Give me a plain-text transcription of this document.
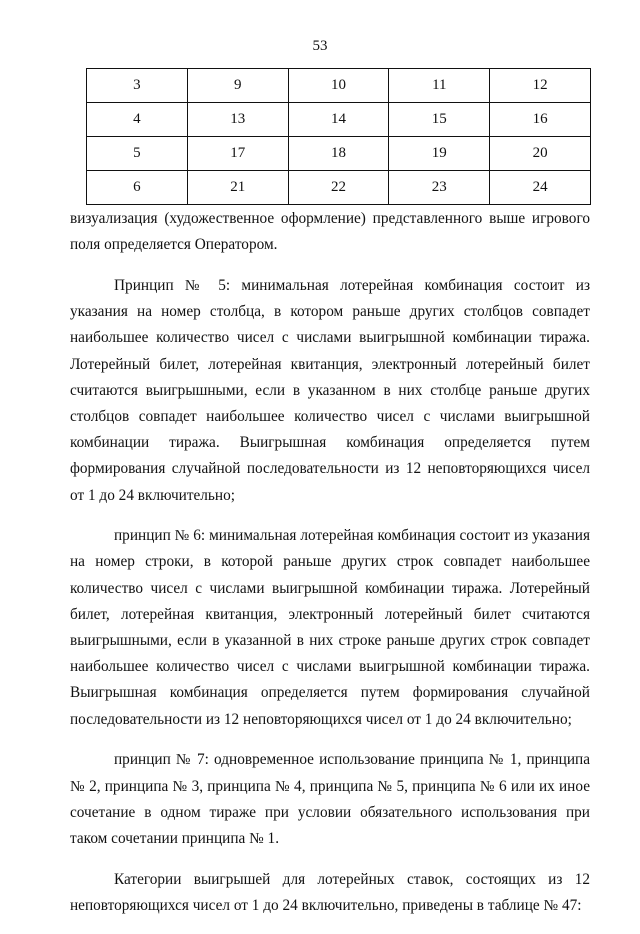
53
3	9	10	11	12
4	13	14	15	16
5	17	18	19	20
6	21	22	23	24

визуализация (художественное оформление) представленного выше игрового поля определяется Оператором.

Принцип № 5: минимальная лотерейная комбинация состоит из указания на номер столбца, в котором раньше других столбцов совпадет наибольшее количество чисел с числами выигрышной комбинации тиража. Лотерейный билет, лотерейная квитанция, электронный лотерейный билет считаются выигрышными, если в указанном в них столбце раньше других столбцов совпадет наибольшее количество чисел с числами выигрышной комбинации тиража. Выигрышная комбинация определяется путем формирования случайной последовательности из 12 неповторяющихся чисел от 1 до 24 включительно;

принцип № 6: минимальная лотерейная комбинация состоит из указания на номер строки, в которой раньше других строк совпадет наибольшее количество чисел с числами выигрышной комбинации тиража. Лотерейный билет, лотерейная квитанция, электронный лотерейный билет считаются выигрышными, если в указанной в них строке раньше других строк совпадет наибольшее количество чисел с числами выигрышной комбинации тиража. Выигрышная комбинация определяется путем формирования случайной последовательности из 12 неповторяющихся чисел от 1 до 24 включительно;

принцип № 7: одновременное использование принципа № 1, принципа № 2, принципа № 3, принципа № 4, принципа № 5, принципа № 6 или их иное сочетание в одном тираже при условии обязательного использования при таком сочетании принципа № 1.

Категории выигрышей для лотерейных ставок, состоящих из 12 неповторяющихся чисел от 1 до 24 включительно, приведены в таблице № 47:
